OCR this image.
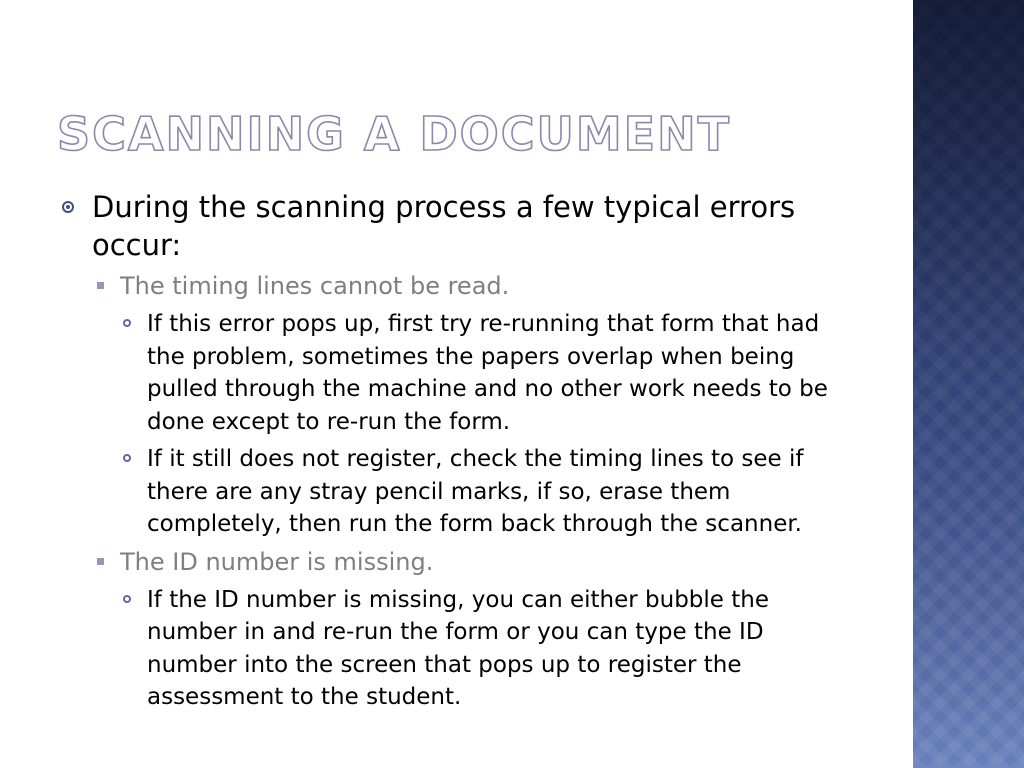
SCANNING A DOCUMENT
During the scanning process a few typical errors occur:
The timing lines cannot be read.
If this error pops up, first try re-running that form that had the problem, sometimes the papers overlap when being pulled through the machine and no other work needs to be done except to re-run the form.
If it still does not register, check the timing lines to see if there are any stray pencil marks, if so, erase them completely, then run the form back through the scanner.
The ID number is missing.
If the ID number is missing, you can either bubble the number in and re-run the form or you can type the ID number into the screen that pops up to register the assessment to the student.
